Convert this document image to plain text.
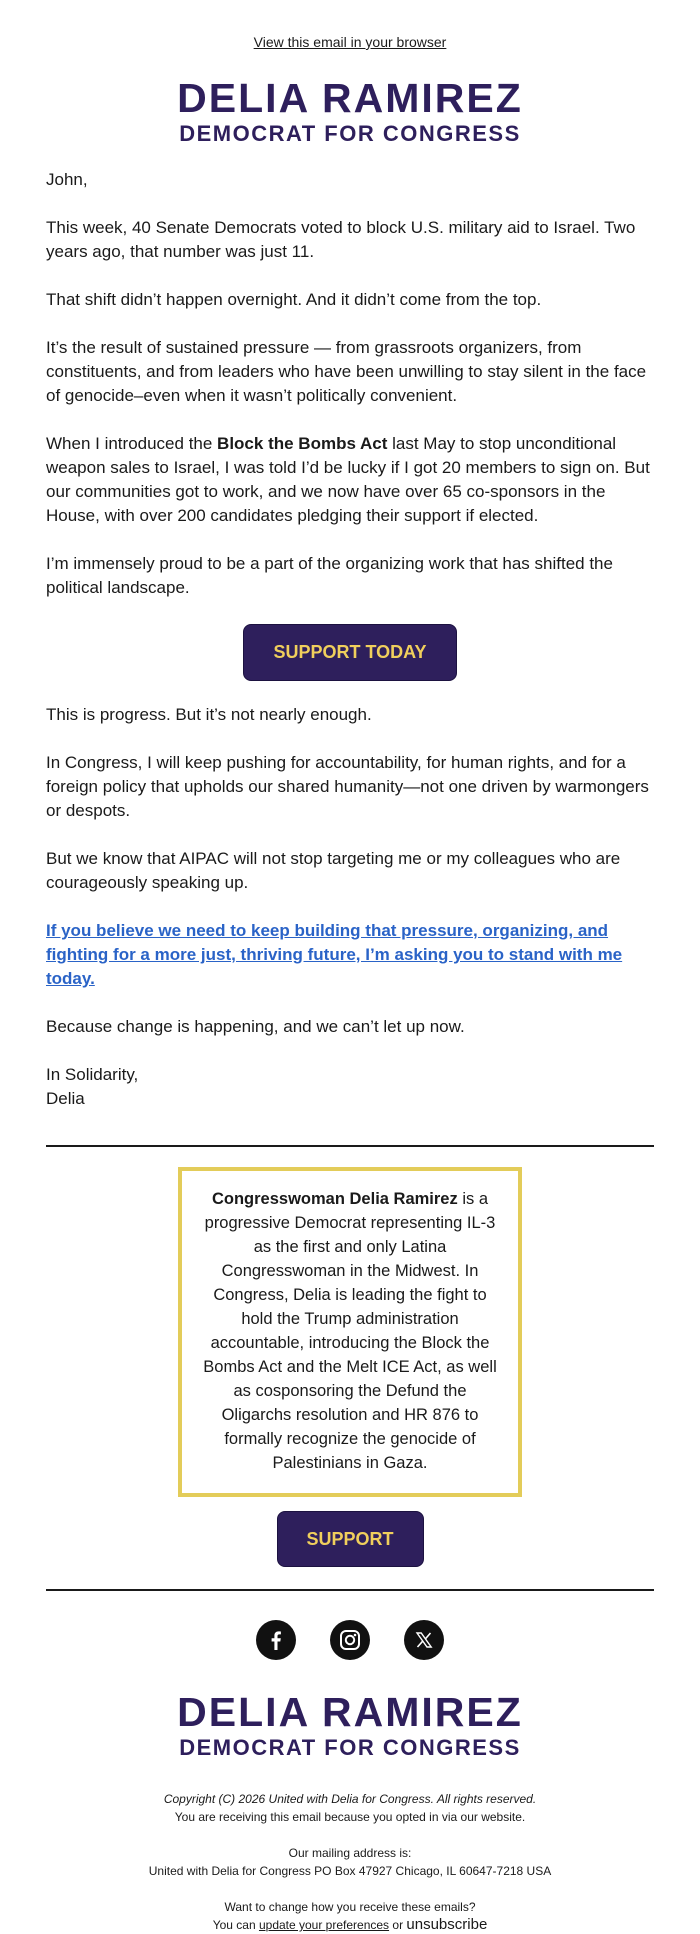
View this email in your browser
DELIA RAMIREZ
DEMOCRAT FOR CONGRESS

John,

This week, 40 Senate Democrats voted to block U.S. military aid to Israel. Two years ago, that number was just 11.

That shift didn’t happen overnight. And it didn’t come from the top.

It’s the result of sustained pressure — from grassroots organizers, from constituents, and from leaders who have been unwilling to stay silent in the face of genocide–even when it wasn’t politically convenient.

When I introduced the Block the Bombs Act last May to stop unconditional weapon sales to Israel, I was told I’d be lucky if I got 20 members to sign on. But our communities got to work, and we now have over 65 co-sponsors in the House, with over 200 candidates pledging their support if elected.

I’m immensely proud to be a part of the organizing work that has shifted the political landscape.

SUPPORT TODAY

This is progress. But it’s not nearly enough.

In Congress, I will keep pushing for accountability, for human rights, and for a foreign policy that upholds our shared humanity—not one driven by warmongers or despots.

But we know that AIPAC will not stop targeting me or my colleagues who are courageously speaking up.

If you believe we need to keep building that pressure, organizing, and fighting for a more just, thriving future, I’m asking you to stand with me today.

Because change is happening, and we can’t let up now.

In Solidarity,
Delia

Congresswoman Delia Ramirez is a progressive Democrat representing IL-3 as the first and only Latina Congresswoman in the Midwest. In Congress, Delia is leading the fight to hold the Trump administration accountable, introducing the Block the Bombs Act and the Melt ICE Act, as well as cosponsoring the Defund the Oligarchs resolution and HR 876 to formally recognize the genocide of Palestinians in Gaza.
SUPPORT

DELIA RAMIREZ
DEMOCRAT FOR CONGRESS
Copyright (C) 2026 United with Delia for Congress. All rights reserved.
You are receiving this email because you opted in via our website.
Our mailing address is:
United with Delia for Congress PO Box 47927 Chicago, IL 60647-7218 USA
Want to change how you receive these emails?
You can update your preferences or unsubscribe
